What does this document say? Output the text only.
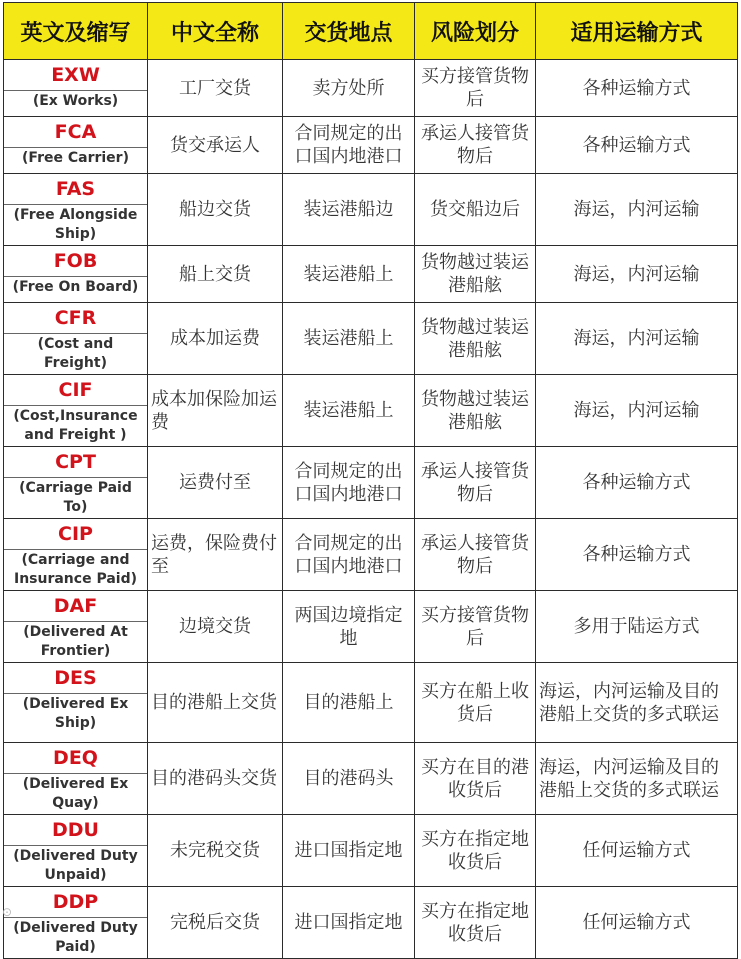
英文及缩写	中文全称	交货地点	风险划分	适用运输方式

EXW
(Ex Works)	工厂交货	卖方处所	买方接管货物后	各种运输方式

FCA
(Free Carrier)	货交承运人	合同规定的出口国内地港口	承运人接管货物后	各种运输方式

FAS
(Free Alongside Ship)	船边交货	装运港船边	货交船边后	海运，内河运输

FOB
(Free On Board)	船上交货	装运港船上	货物越过装运港船舷	海运，内河运输

CFR
(Cost and Freight)	成本加运费	装运港船上	货物越过装运港船舷	海运，内河运输

CIF
(Cost,Insurance and Freight )	成本加保险加运费	装运港船上	货物越过装运港船舷	海运，内河运输

CPT
(Carriage Paid To)	运费付至	合同规定的出口国内地港口	承运人接管货物后	各种运输方式

CIP
(Carriage and Insurance Paid)	运费，保险费付至	合同规定的出口国内地港口	承运人接管货物后	各种运输方式

DAF
(Delivered At Frontier)	边境交货	两国边境指定地	买方接管货物后	多用于陆运方式

DES
(Delivered Ex Ship)	目的港船上交货	目的港船上	买方在船上收货后	海运，内河运输及目的港船上交货的多式联运

DEQ
(Delivered Ex Quay)	目的港码头交货	目的港码头	买方在目的港收货后	海运，内河运输及目的港船上交货的多式联运

DDU
(Delivered Duty Unpaid)	未完税交货	进口国指定地	买方在指定地收货后	任何运输方式

DDP
(Delivered Duty Paid)	完税后交货	进口国指定地	买方在指定地收货后	任何运输方式
⊙
